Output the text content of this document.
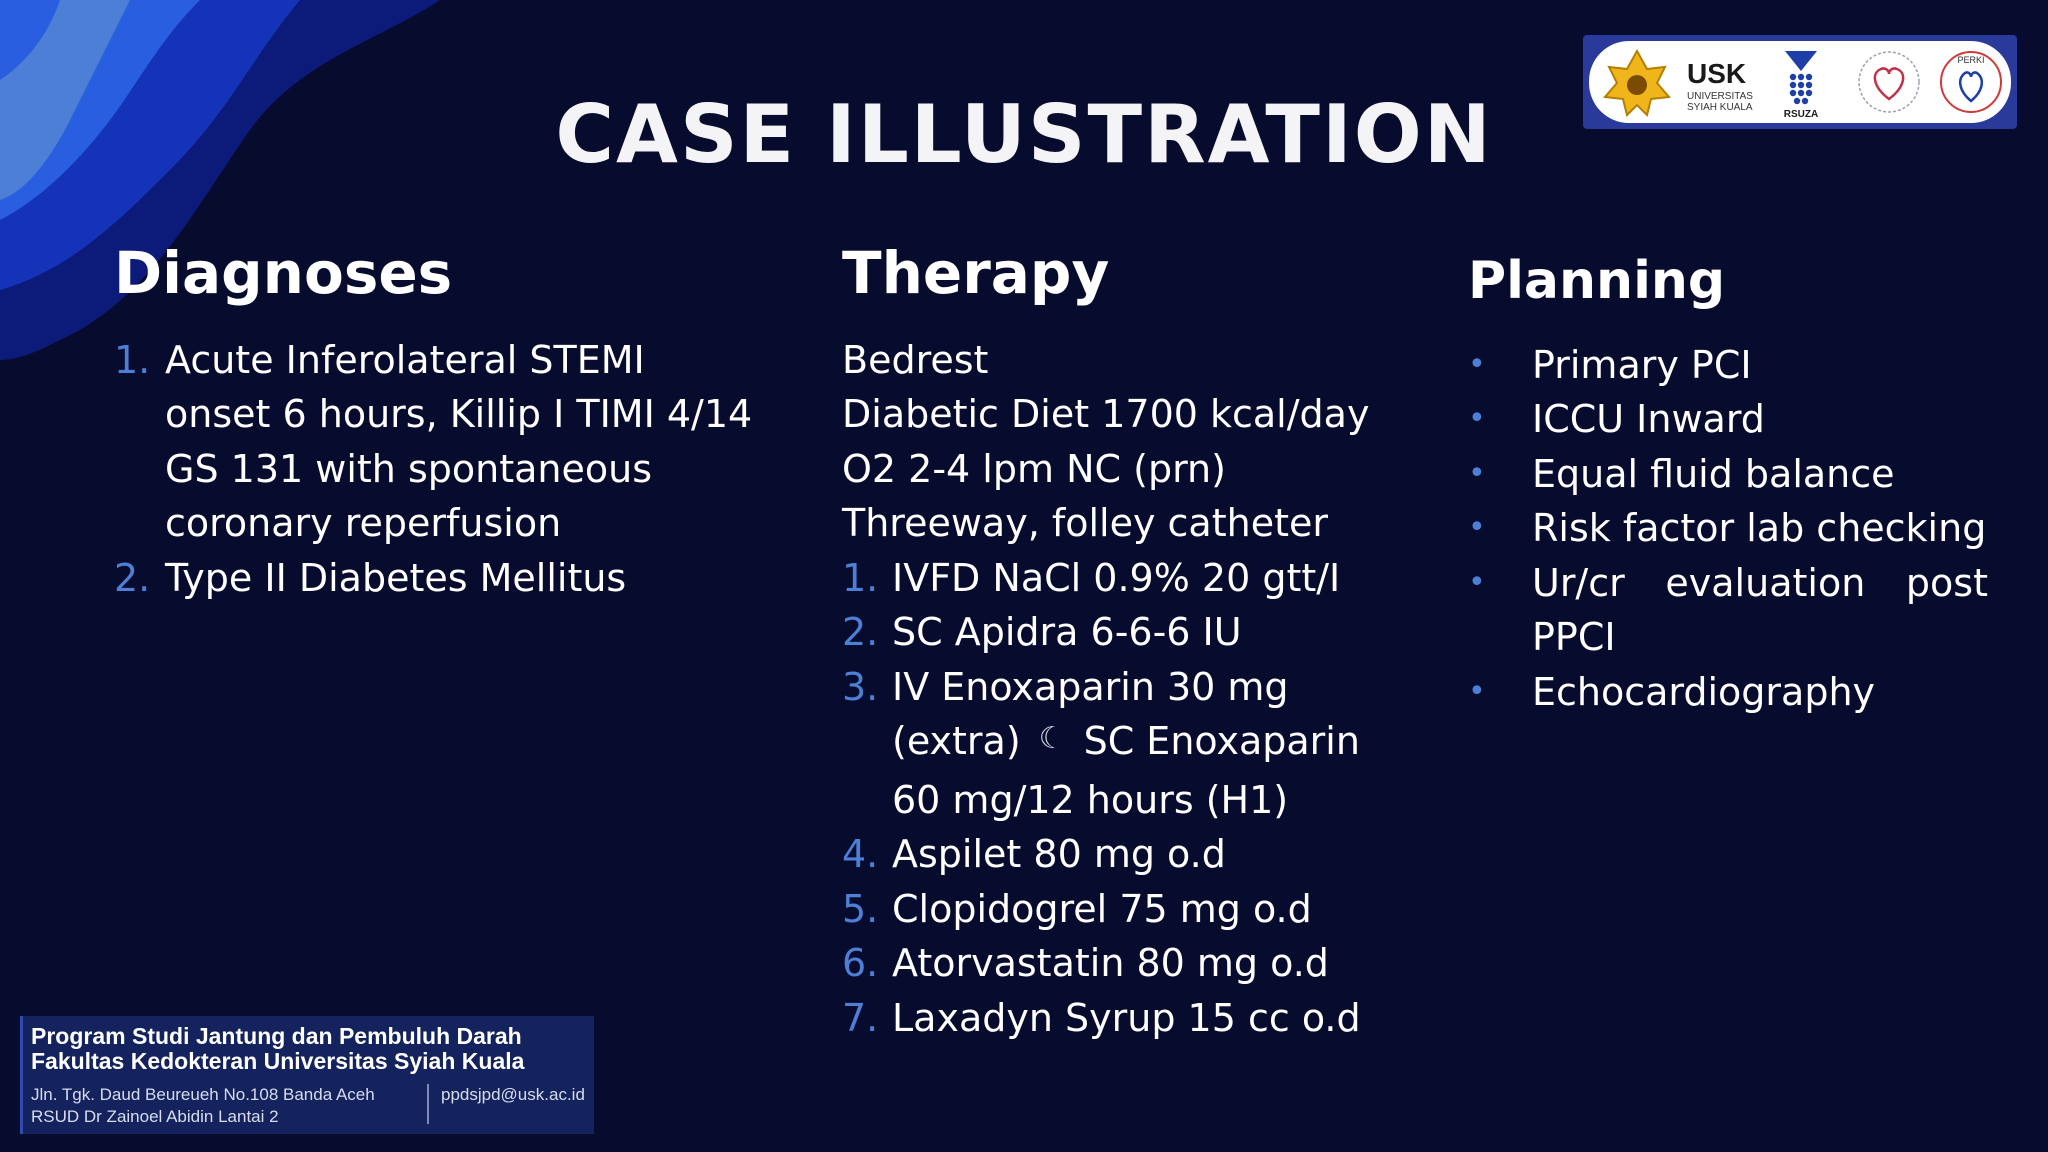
USK
UNIVERSITAS
SYIAH KUALA
RSUZA
PERKI
CASE ILLUSTRATION
Diagnoses
1. Acute Inferolateral STEMI onset 6 hours, Killip I TIMI 4/14 GS 131 with spontaneous coronary reperfusion
2. Type II Diabetes Mellitus
Therapy
Bedrest
Diabetic Diet 1700 kcal/day
O2 2-4 lpm NC (prn)
Threeway, folley catheter
1. IVFD NaCl 0.9% 20 gtt/I
2. SC Apidra 6-6-6 IU
3. IV Enoxaparin 30 mg
(extra) ☾ SC Enoxaparin
60 mg/12 hours (H1)
4. Aspilet 80 mg o.d
5. Clopidogrel 75 mg o.d
6. Atorvastatin 80 mg o.d
7. Laxadyn Syrup 15 cc o.d
Planning
•	Primary PCI
•	ICCU Inward
•	Equal fluid balance
•	Risk factor lab checking
•	Ur/cr evaluation post
PPCI
•	Echocardiography
Program Studi Jantung dan Pembuluh Darah
Fakultas Kedokteran Universitas Syiah Kuala
Jln. Tgk. Daud Beureueh No.108 Banda Aceh
RSUD Dr Zainoel Abidin Lantai 2
ppdsjpd@usk.ac.id
